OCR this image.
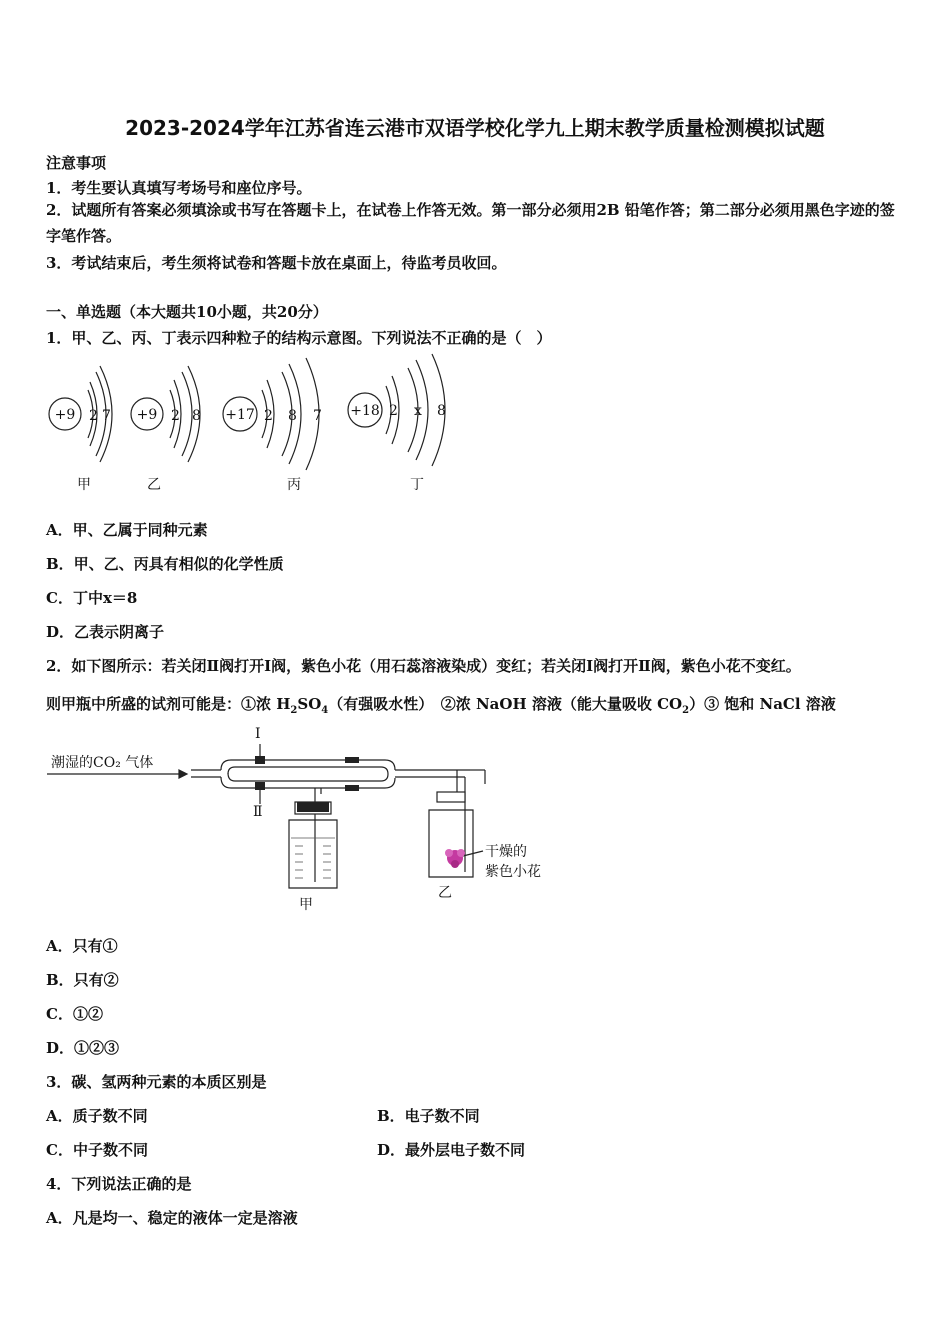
2023-2024学年江苏省连云港市双语学校化学九上期末教学质量检测模拟试题
注意事项
1．考生要认真填写考场号和座位序号。
2．试题所有答案必须填涂或书写在答题卡上，在试卷上作答无效。第一部分必须用2B 铅笔作答；第二部分必须用黑色字迹的签字笔作答。
3．考试结束后，考生须将试卷和答题卡放在桌面上，待监考员收回。
一、单选题（本大题共10小题，共20分）
1．甲、乙、丙、丁表示四种粒子的结构示意图。下列说法不正确的是（　）
+9 2 7
甲
+9 2 8
乙
+17 2 8 7
丙
+18 2 x 8
丁
A．甲、乙属于同种元素
B．甲、乙、丙具有相似的化学性质
C．丁中x＝8
D．乙表示阴离子
2．如下图所示：若关闭Ⅱ阀打开Ⅰ阀，紫色小花（用石蕊溶液染成）变红；若关闭Ⅰ阀打开Ⅱ阀，紫色小花不变红。
则甲瓶中所盛的试剂可能是：①浓 $H_2SO_4$（有强吸水性）　②浓 NaOH 溶液（能大量吸收 $CO_2)③$ 饱和 NaCl 溶液
潮湿的CO₂ 气体
Ⅰ
Ⅱ
甲
乙
干燥的
紫色小花
A．只有①
B．只有②
C．①②
D．①②③
3．碳、氢两种元素的本质区别是
A．质子数不同	B．电子数不同
C．中子数不同	D．最外层电子数不同
4．下列说法正确的是
A．凡是均一、稳定的液体一定是溶液
